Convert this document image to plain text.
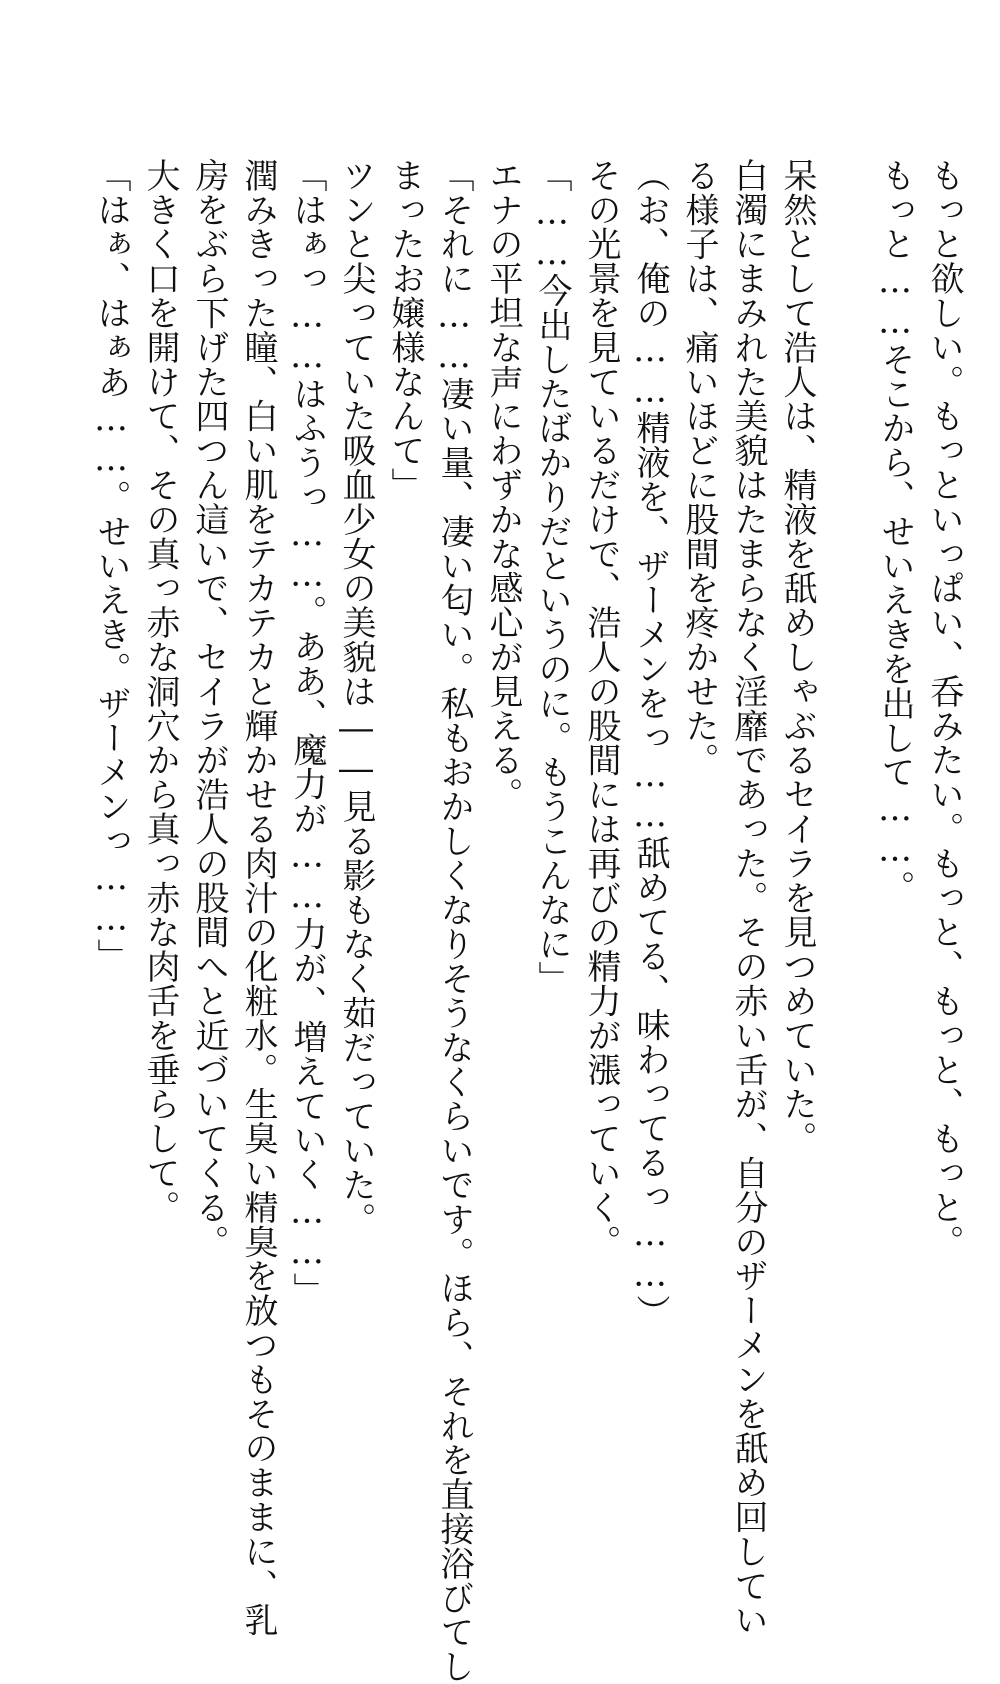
もっと欲しい。もっといっぱい、呑みたい。もっと、もっと、もっと。
もっと……そこから、せいえきを出して……。
呆然として浩人は、精液を舐めしゃぶるセイラを見つめていた。
白濁にまみれた美貌はたまらなく淫靡であった。その赤い舌が、自分のザーメンを舐め回してい
る様子は、痛いほどに股間を疼かせた。
（お、俺の……精液を、ザーメンをっ……舐めてる、味わってるっ……）
その光景を見ているだけで、浩人の股間には再びの精力が漲っていく。
「……今出したばかりだというのに。もうこんなに」
エナの平坦な声にわずかな感心が見える。
「それに……凄い量、凄い匂い。私もおかしくなりそうなくらいです。ほら、それを直接浴びてし
まったお嬢様なんて」
ツンと尖っていた吸血少女の美貌は――見る影もなく茹だっていた。
「はぁっ……はふうっ……。ああ、魔力が……力が、増えていく……」
潤みきった瞳、白い肌をテカテカと輝かせる肉汁の化粧水。生臭い精臭を放つもそのままに、乳
房をぶら下げた四つん這いで、セイラが浩人の股間へと近づいてくる。
大きく口を開けて、その真っ赤な洞穴から真っ赤な肉舌を垂らして。
「はぁ、はぁあ……。せいえき。ザーメンっ……」
